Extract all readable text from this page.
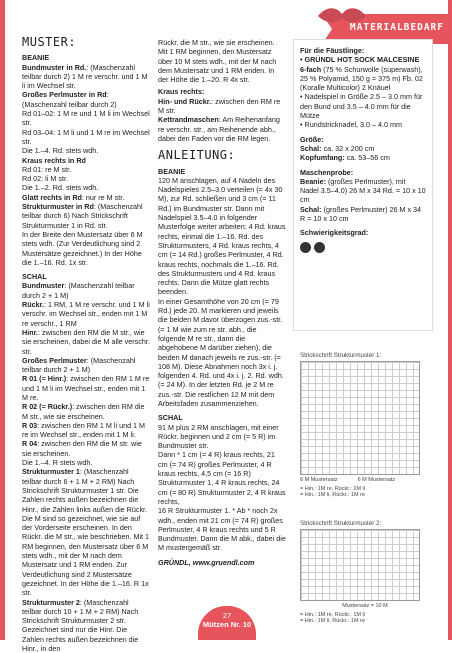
MATERIALBEDARF
MUSTER:

BEANIE

Bundmuster in Rd.: (Maschenzahl teilbar durch 2) 1 M re verschr. und 1 M li im Wechsel str.

Großes Perlmuster in Rd: (Maschenzahl teilbar durch 2)

Rd 01–02: 1 M re und 1 M li im Wechsel str.

Rd 03–04: 1 M li und 1 M re im Wechsel str.

Die 1.–4. Rd. stets wdh.

Kraus rechts in Rd

Rd 01: re M str.

Rd 02: li M str.

Die 1.–2. Rd. stets wdh.

Glatt rechts in Rd: nur re M str.

Strukturmuster in Rd: (Maschenzahl teilbar durch 6) Nach Strickschrift Strukturmuster 1 in Rd. str.

In der Breite den Mustersatz über 6 M stets wdh. (Zur Verdeutlichung sind 2 Mustersätze gezeichnet.) In der Höhe die 1.–16. Rd. 1x str.

SCHAL

Bundmuster: (Maschenzahl teilbar durch 2 + 1 M)

Rückr.: 1 RM, 1 M re verschr. und 1 M li verschr. im Wechsel str., enden mit 1 M re verschr., 1 RM

Hinr.: zwischen den RM die M str., wie sie erscheinen, dabei die M alle verschr. str.

Großes Perlmuster: (Maschenzahl teilbar durch 2 + 1 M)

R 01 (= Hinr.): zwischen den RM 1 M re und 1 M li im Wechsel str., enden mit 1 M re.

R 02 (= Rückr.): zwischen den RM die M str., wie sie erscheinen.

R 03: zwischen den RM 1 M li und 1 M re im Wechsel str., enden mit 1 M li.

R 04: zwischen den RM die M str. wie sie erscheinen.

Die 1.–4. R stets wdh.

Strukturmuster 1: (Maschenzahl teilbar durch 6 + 1 M + 2 RM) Nach Strickschrift Strukturmuster 1 str. Die Zahlen rechts außen bezeichnen die Hinr., die Zahlen links außen die Rückr. Die M sind so gezeichnet, wie sie auf der Vorderseite erscheinen. In den Rückr. die M str., wie beschrieben. Mit 1 RM beginnen, den Mustersatz über 6 M stets wdh., mit der M nach dem Mustersatz und 1 RM enden. Zur Verdeutlichung sind 2 Mustersätze gezeichnet. In der Höhe die 1.–16. R 1x str.

Strukturmuster 2: (Maschenzahl teilbar durch 10 + 1 M + 2 RM) Nach Strickschrift Strukturmuster 2 str. Gezeichnet sind nur die Hinr. Die Zahlen rechts außen bezeichnen die Hinr., in den

Rückr. die M str., wie sie erscheinen. Mit 1 RM beginnen, den Mustersatz über 10 M stets wdh., mit der M nach dem Mustersatz und 1 RM enden. In der Höhe die 1.–20. R 4x str.

Kraus rechts:

Hin- und Rückr.: zwischen den RM re M str.

Kettrandmaschen: Am Reihenanfang re verschr. str., am Reihenende abh., dabei den Faden vor die RM legen.

ANLEITUNG:

BEANIE

120 M anschlagen, auf 4 Nadeln des Nadelspieles 2.5–3.0 verteilen (= 4x 30 M), zur Rd. schließen und 3 cm (= 11 Rd.) im Bundmuster str. Dann mit Nadelspiel 3.5–4.0 in folgender Musterfolge weiter arbeiten: 4 Rd. kraus rechts, einmal die 1.–16. Rd. des Strukturmusters, 4 Rd. kraus rechts, 4 cm (= 14 Rd.) großes Perlmuster, 4 Rd. kraus rechts, nochmals die 1.–16. Rd. des Strukturmusters und 4 Rd. kraus rechts. Dann die Mütze glatt rechts beenden.

In einer Gesamthöhe von 20 cm (= 79 Rd.) jede 20. M markieren und jeweils die beiden M davor überzogen zus.-str. (= 1 M wie zum re str. abh., die folgende M re str., dann die abgehobene M darüber ziehen), die beiden M danach jeweils re zus.-str. (= 108 M). Diese Abnahmen noch 3x i. j. folgenden 4. Rd. und 4x i. j. 2. Rd. wdh. (= 24 M). In der letzten Rd. je 2 M re zus.-str. Die restlichen 12 M mit dem Arbeitsfaden zusammenziehen.

SCHAL

91 M plus 2 RM anschlagen, mit einer Rückr. beginnen und 2 cm (= 5 R) im Bundmuster str.

Dann * 1 cm (= 4 R) kraus rechts, 21 cm (= 74 R) großes Perlmuster, 4 R kraus rechts, 4,5 cm (= 16 R) Strukturmuster 1, 4 R kraus rechts, 24 cm (= 80 R) Strukturmuster 2, 4 R kraus rechts,

16 R Strukturmuster 1. * Ab * noch 2x wdh., enden mit 21 cm (= 74 R) großes Perlmuster, 4 R kraus rechts und 5 R Bundmuster. Dann die M abk., dabei die M mustergemäß str.

GRÜNDL, www.gruendl.com

Für die Fäustlinge:

• GRÜNDL HOT SOCK MALCESINE 6-fach (75 % Schurwolle (superwash), 25 % Polyamid, 150 g = 375 m) Fb. 02 (Koralle Multicolor) 2 Knäuel

• Nadelspiel in Größe 2.5 – 3.0 mm für den Bund und 3.5 – 4.0 mm für die Mütze

• Rundstricknadel, 3.0 – 4.0 mm

Größe:

Schal: ca. 32 x 200 cm

Kopfumfang: ca. 53–56 cm

Maschenprobe:

Beanie: (großes Perlmuster), mit Nadel 3.5–4.0) 26 M x 34 Rd. = 10 x 10 cm

Schal: (großes Perlmuster) 26 M x 34 R = 10 x 10 cm

Schwierigkeitsgrad:

Strickschrift Strukturmuster 1:
6 M Mustersatz	6 M Mustersatz
= Hin.: 1M re, Rückr.: 1M li
= Hin.: 1M li, Rückr.: 1M re
Strickschrift Strukturmuster 2:
Mustersatz = 10 M
= Hin.: 1M re, Rückr.: 1M li
= Hin.: 1M li, Rückr.: 1M re
27
Mützen Nr. 10
